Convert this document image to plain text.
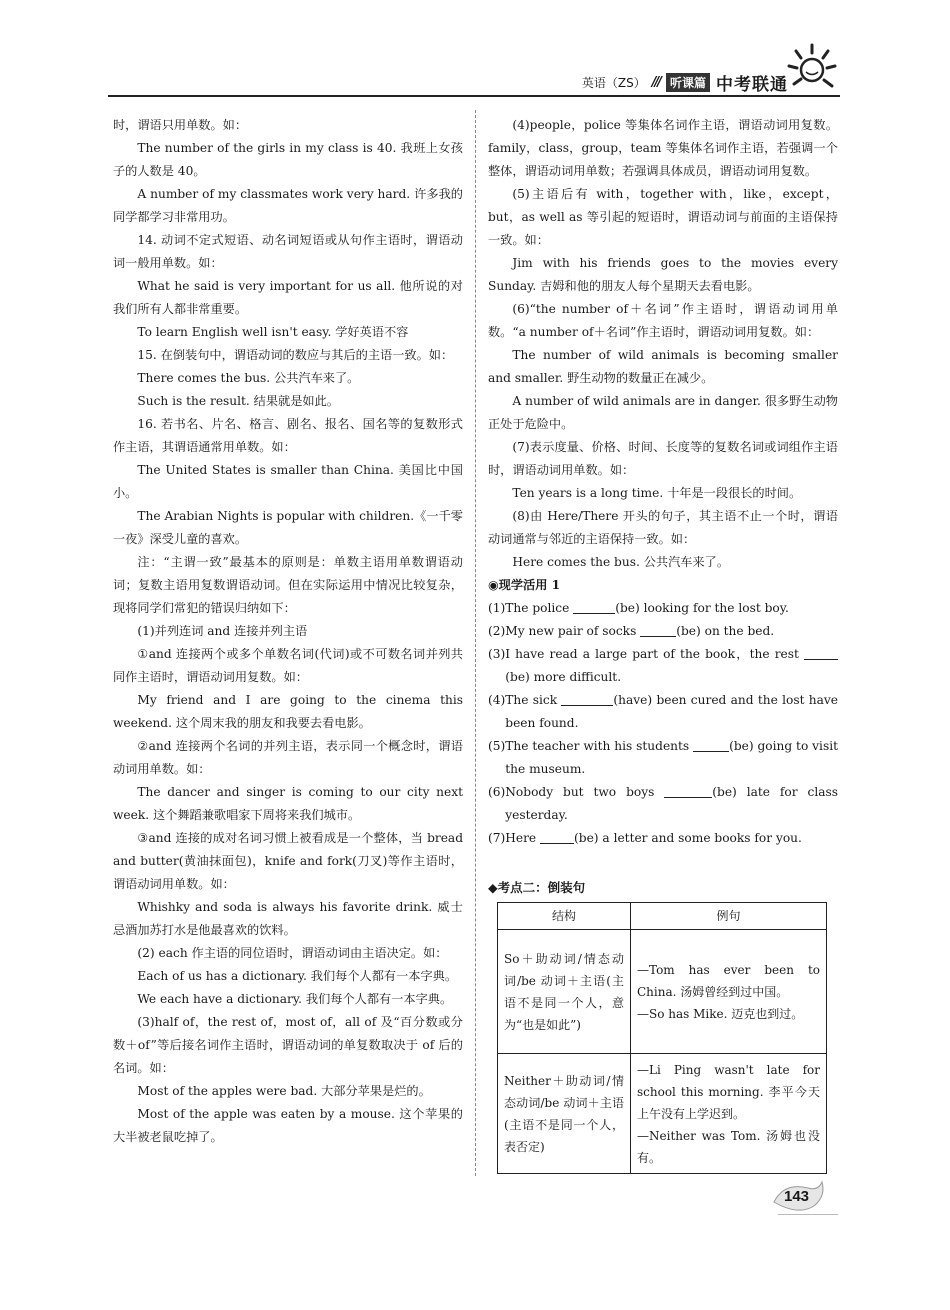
英语（ZS） /// 听课篇 中考联通

时，谓语只用单数。如：

The number of the girls in my class is 40. 我班上女孩子的人数是 40。

A number of my classmates work very hard. 许多我的同学都学习非常用功。

14. 动词不定式短语、动名词短语或从句作主语时，谓语动词一般用单数。如：

What he said is very important for us all. 他所说的对我们所有人都非常重要。

To learn English well isn't easy. 学好英语不容

15. 在倒装句中，谓语动词的数应与其后的主语一致。如：

There comes the bus. 公共汽车来了。

Such is the result. 结果就是如此。

16. 若书名、片名、格言、剧名、报名、国名等的复数形式作主语，其谓语通常用单数。如：

The United States is smaller than China. 美国比中国小。

The Arabian Nights is popular with children.《一千零一夜》深受儿童的喜欢。

注：“主谓一致”最基本的原则是：单数主语用单数谓语动词；复数主语用复数谓语动词。但在实际运用中情况比较复杂，现将同学们常犯的错误归纳如下：

(1)并列连词 and 连接并列主语

①and 连接两个或多个单数名词(代词)或不可数名词并列共同作主语时，谓语动词用复数。如：

My friend and I are going to the cinema this weekend. 这个周末我的朋友和我要去看电影。

②and 连接两个名词的并列主语，表示同一个概念时，谓语动词用单数。如：

The dancer and singer is coming to our city next week. 这个舞蹈兼歌唱家下周将来我们城市。

③and 连接的成对名词习惯上被看成是一个整体，当 bread and butter(黄油抹面包)，knife and fork(刀叉)等作主语时，谓语动词用单数。如：

Whishky and soda is always his favorite drink. 威士忌酒加苏打水是他最喜欢的饮料。

(2) each 作主语的同位语时，谓语动词由主语决定。如：

Each of us has a dictionary. 我们每个人都有一本字典。

We each have a dictionary. 我们每个人都有一本字典。

(3)half of，the rest of，most of，all of 及“百分数或分数＋of”等后接名词作主语时，谓语动词的单复数取决于 of 后的名词。如：

Most of the apples were bad. 大部分苹果是烂的。

Most of the apple was eaten by a mouse. 这个苹果的大半被老鼠吃掉了。

(4)people，police 等集体名词作主语，谓语动词用复数。family，class，group，team 等集体名词作主语，若强调一个整体，谓语动词用单数；若强调具体成员，谓语动词用复数。

(5)主语后有 with，together with，like，except，but，as well as 等引起的短语时，谓语动词与前面的主语保持一致。如：

Jim with his friends goes to the movies every Sunday. 吉姆和他的朋友人每个星期天去看电影。

(6)“the number of＋名词”作主语时，谓语动词用单数。“a number of＋名词”作主语时，谓语动词用复数。如：

The number of wild animals is becoming smaller and smaller. 野生动物的数量正在减少。

A number of wild animals are in danger. 很多野生动物正处于危险中。

(7)表示度量、价格、时间、长度等的复数名词或词组作主语时，谓语动词用单数。如：

Ten years is a long time. 十年是一段很长的时间。

(8)由 Here/There 开头的句子，其主语不止一个时，谓语动词通常与邻近的主语保持一致。如：

Here comes the bus. 公共汽车来了。

◉现学活用 1

(1) The police	(be) looking for the lost boy.
(2) My new pair of socks	(be) on the bed.
(3) I have read a large part of the book，the rest (be) more difficult.
(4) The sick	(have) been cured and the lost have been found.
(5) The teacher with his students	(be) going to visit the museum.
(6) Nobody but two boys	(be) late for class yesterday.
(7) Here	(be) a letter and some books for you.
◆考点二：倒装句
结构	例句
So＋助动词/情态动词/be 动词＋主语(主语不是同一个人，意为“也是如此”)	—Tom has ever been to China. 汤姆曾经到过中国。
—So has Mike. 迈克也到过。

Neither＋助动词/情态动词/be 动词＋主语(主语不是同一个人，表否定)	—Li Ping wasn't late for school this morning. 李平今天上午没有上学迟到。
—Neither was Tom. 汤姆也没有。
143
